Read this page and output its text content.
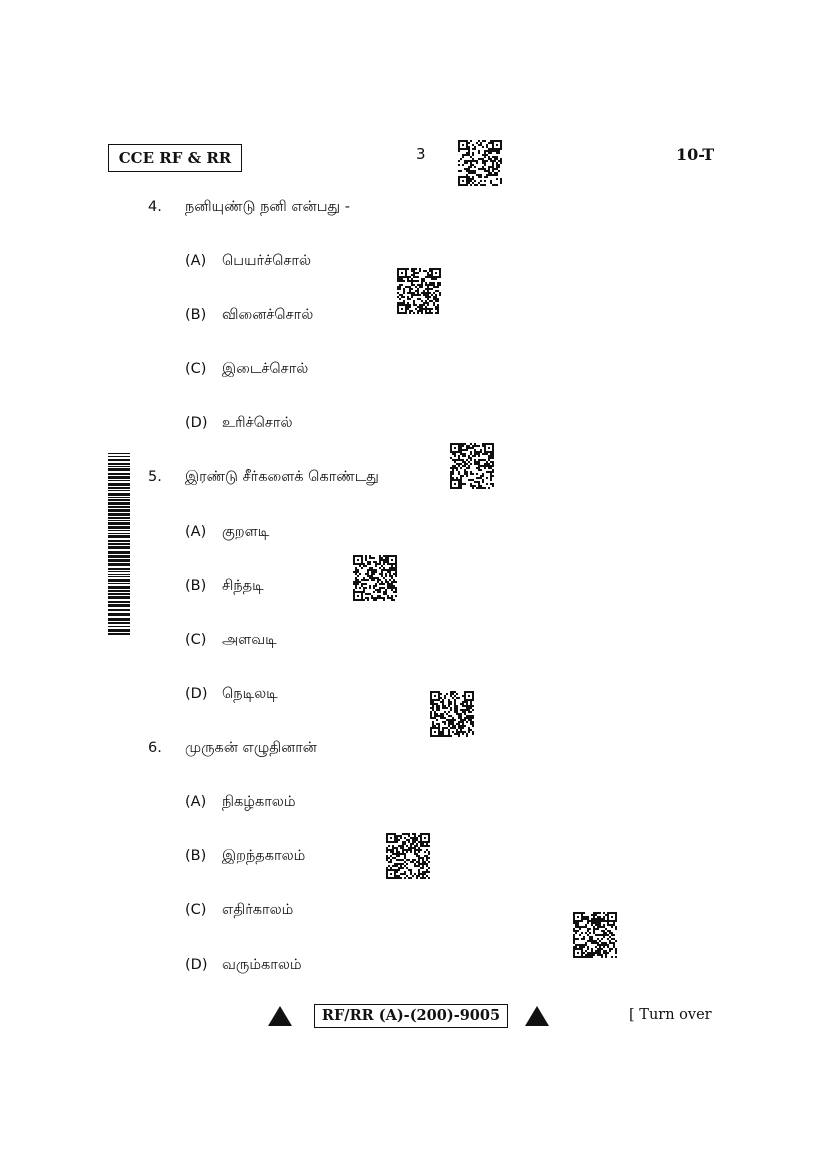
CCE RF & RR	3	10-T
4. நனியுண்டு நனி என்பது -
(A) பெயர்ச்சொல்
(B) வினைச்சொல்
(C) இடைச்சொல்
(D) உரிச்சொல்
5. இரண்டு சீர்களைக் கொண்டது
(A) குறளடி
(B) சிந்தடி
(C) அளவடி
(D) நெடிலடி
6. முருகன் எழுதினான்
(A) நிகழ்காலம்
(B) இறந்தகாலம்
(C) எதிர்காலம்
(D) வரும்காலம்
RF/RR (A)-(200)-9005	[ Turn over
